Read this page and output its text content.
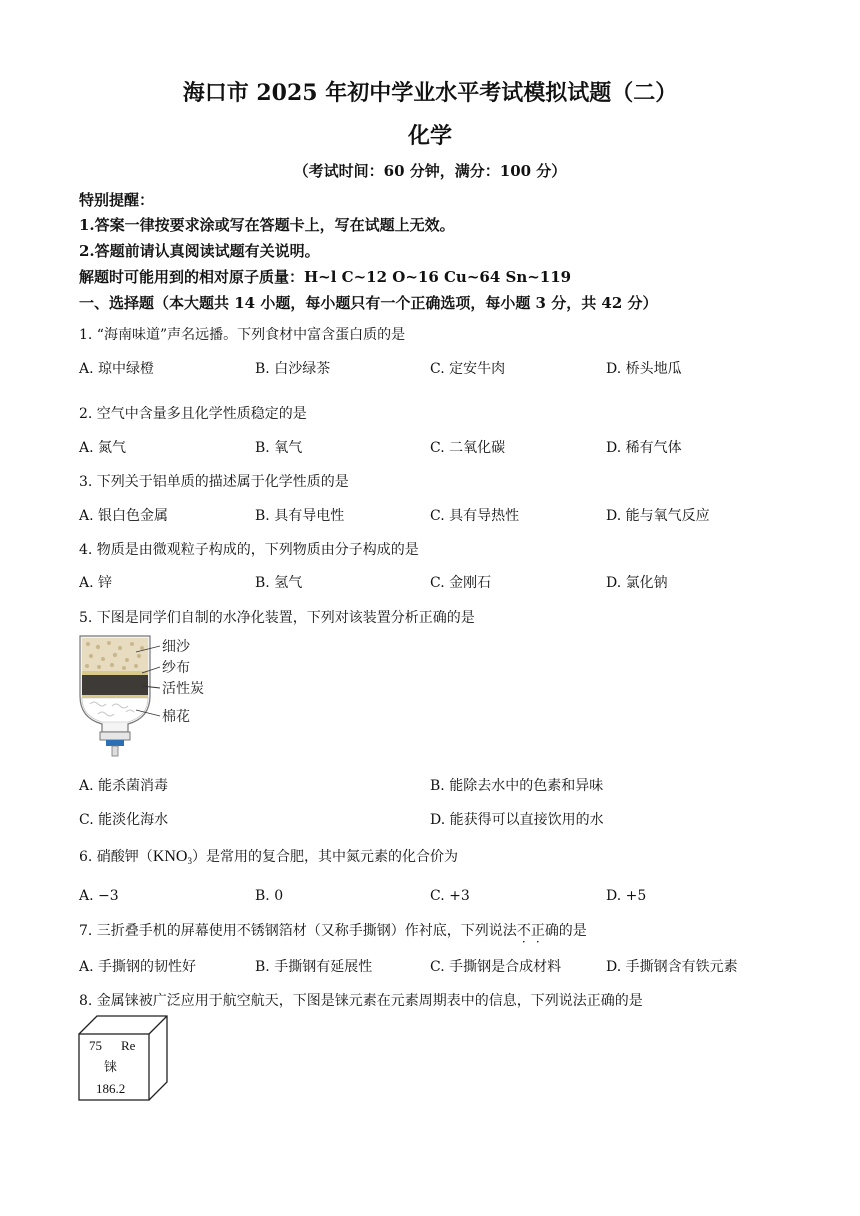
海口市 2025 年初中学业水平考试模拟试题（二）
化学
（考试时间：60 分钟，满分：100 分）
特别提醒：
1.答案一律按要求涂或写在答题卡上，写在试题上无效。
2.答题前请认真阅读试题有关说明。
解题时可能用到的相对原子质量：H~l C~12 O~16 Cu~64 Sn~119
一、选择题（本大题共 14 小题，每小题只有一个正确选项，每小题 3 分，共 42 分）
1. “海南味道”声名远播。下列食材中富含蛋白质的是
A. 琼中绿橙	B. 白沙绿茶	C. 定安牛肉	D. 桥头地瓜
2. 空气中含量多且化学性质稳定的是
A. 氮气	B. 氧气	C. 二氧化碳	D. 稀有气体
3. 下列关于铝单质的描述属于化学性质的是
A. 银白色金属	B. 具有导电性	C. 具有导热性	D. 能与氧气反应
4. 物质是由微观粒子构成的，下列物质由分子构成的是
A. 锌	B. 氢气	C. 金刚石	D. 氯化钠
5. 下图是同学们自制的水净化装置，下列对该装置分析正确的是
细沙
纱布
活性炭
棉花
A. 能杀菌消毒	B. 能除去水中的色素和异味
C. 能淡化海水	D. 能获得可以直接饮用的水
6. 硝酸钾$(KNO_3)$是常用的复合肥，其中氮元素的化合价为
A. −3	B. 0	C. +3	D. +5
7. 三折叠手机的屏幕使用不锈钢箔材（又称手撕钢）作衬底，下列说法不正确的是
A. 手撕钢的韧性好	B. 手撕钢有延展性	C. 手撕钢是合成材料	D. 手撕钢含有铁元素
8. 金属铼被广泛应用于航空航天，下图是铼元素在元素周期表中的信息，下列说法正确的是
75 Re
铼
186.2
